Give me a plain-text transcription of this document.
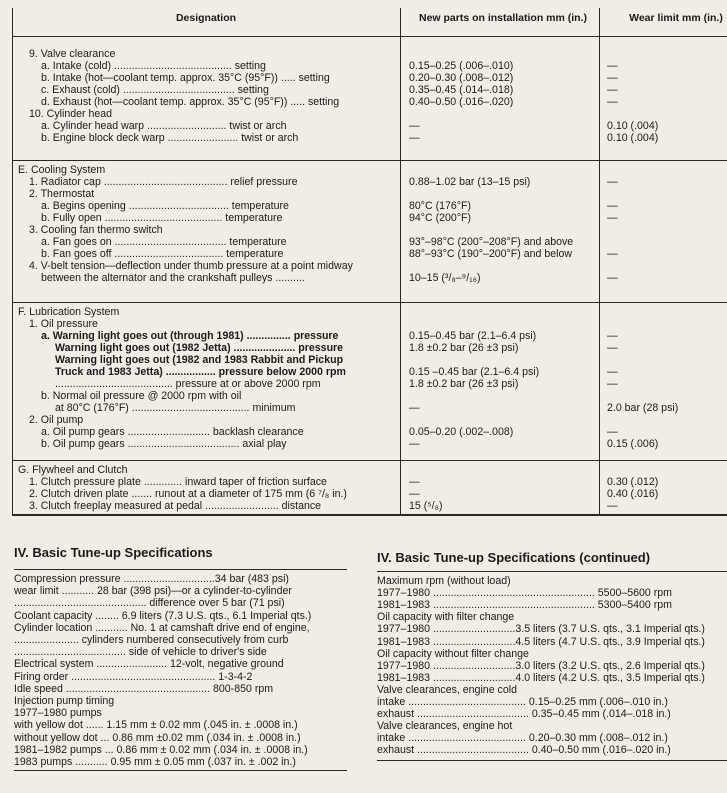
Designation	New parts on installation mm (in.)	Wear limit mm (in.)
9. Valve clearance
a. Intake (cold) ........................................ setting	0.15–0.25 (.006–.010)	—
b. Intake (hot—coolant temp. approx. 35°C (95°F)) ..... setting	0.20–0.30 (.008–.012)	—
c. Exhaust (cold) ...................................... setting	0.35–0.45 (.014–.018)	—
d. Exhaust (hot—coolant temp. approx. 35°C (95°F)) ..... setting	0.40–0.50 (.016–.020)	—
10. Cylinder head
a. Cylinder head warp ........................... twist or arch	—	0.10 (.004)
b. Engine block deck warp ........................ twist or arch	—	0.10 (.004)
E. Cooling System
1. Radiator cap .......................................... relief pressure	0.88–1.02 bar (13–15 psi)	—
2. Thermostat
a. Begins opening .................................. temperature	80°C (176°F)	—
b. Fully open ........................................ temperature	94°C (200°F)	—
3. Cooling fan thermo switch
a. Fan goes on ...................................... temperature	93°–98°C (200°–208°F) and above
b. Fan goes off ..................................... temperature	88°–93°C (190°–200°F) and below	—
4. V-belt tension—deflection under thumb pressure at a point midway
between the alternator and the crankshaft pulleys ..........	10–15 (³/₈–⁹/₁₆)	—
F. Lubrication System
1. Oil pressure
a. Warning light goes out (through 1981) ............... pressure	0.15–0.45 bar (2.1–6.4 psi)	—
Warning light goes out (1982 Jetta) ..................... pressure	1.8 ±0.2 bar (26 ±3 psi)	—
Warning light goes out (1982 and 1983 Rabbit and Pickup
Truck and 1983 Jetta) ................. pressure below 2000 rpm	0.15 –0.45 bar (2.1–6.4 psi)	—
........................................ pressure at or above 2000 rpm	1.8 ±0.2 bar (26 ±3 psi)	—
b. Normal oil pressure @ 2000 rpm with oil
at 80°C (176°F) ........................................ minimum	—	2.0 bar (28 psi)
2. Oil pump
a. Oil pump gears ............................ backlash clearance	0.05–0.20 (.002–.008)	—
b. Oil pump gears ...................................... axial play	—	0.15 (.006)
G. Flywheel and Clutch
1. Clutch pressure plate ............. inward taper of friction surface	—	0.30 (.012)
2. Clutch driven plate ....... runout at a diameter of 175 mm (6 ⁷/₈ in.)	—	0.40 (.016)
3. Clutch freeplay measured at pedal ......................... distance	15 (⁵/₈)	—
IV. Basic Tune-up Specifications
Compression pressure ...............................34 bar (483 psi)
wear limit ........... 28 bar (398 psi)—or a cylinder-to-cylinder
............................................. difference over 5 bar (71 psi)
Coolant capacity ........ 6.9 liters (7.3 U.S. qts., 6.1 Imperial qts.)
Cylinder location ........... No. 1 at camshaft drive end of engine,
...................... cylinders numbered consecutively from curb
...................................... side of vehicle to driver's side
Electrical system ........................ 12-volt, negative ground
Firing order ................................................. 1-3-4-2
Idle speed ................................................. 800-850 rpm
Injection pump timing
1977–1980 pumps
with yellow dot ...... 1.15 mm ± 0.02 mm (.045 in. ± .0008 in.)
without yellow dot ... 0.86 mm ±0.02 mm (.034 in. ± .0008 in.)
1981–1982 pumps ... 0.86 mm ± 0.02 mm (.034 in. ± .0008 in.)
1983 pumps ........... 0.95 mm ± 0.05 mm (.037 in. ± .002 in.)
IV. Basic Tune-up Specifications (continued)
Maximum rpm (without load)
1977–1980 ....................................................... 5500–5600 rpm
1981–1983 ....................................................... 5300–5400 rpm
Oil capacity with filter change
1977–1980 ............................3.5 liters (3.7 U.S. qts., 3.1 Imperial qts.)
1981–1983 ............................4.5 liters (4.7 U.S. qts., 3.9 Imperial qts.)
Oil capacity without filter change
1977–1980 ............................3.0 liters (3.2 U.S. qts., 2.6 Imperial qts.)
1981–1983 ............................4.0 liters (4.2 U.S. qts., 3.5 Imperial qts.)
Valve clearances, engine cold
intake ........................................ 0.15–0.25 mm (.006–.010 in.)
exhaust ...................................... 0.35–0.45 mm (.014–.018 in.)
Valve clearances, engine hot
intake ........................................ 0.20–0.30 mm (.008–.012 in.)
exhaust ...................................... 0.40–0.50 mm (.016–.020 in.)
